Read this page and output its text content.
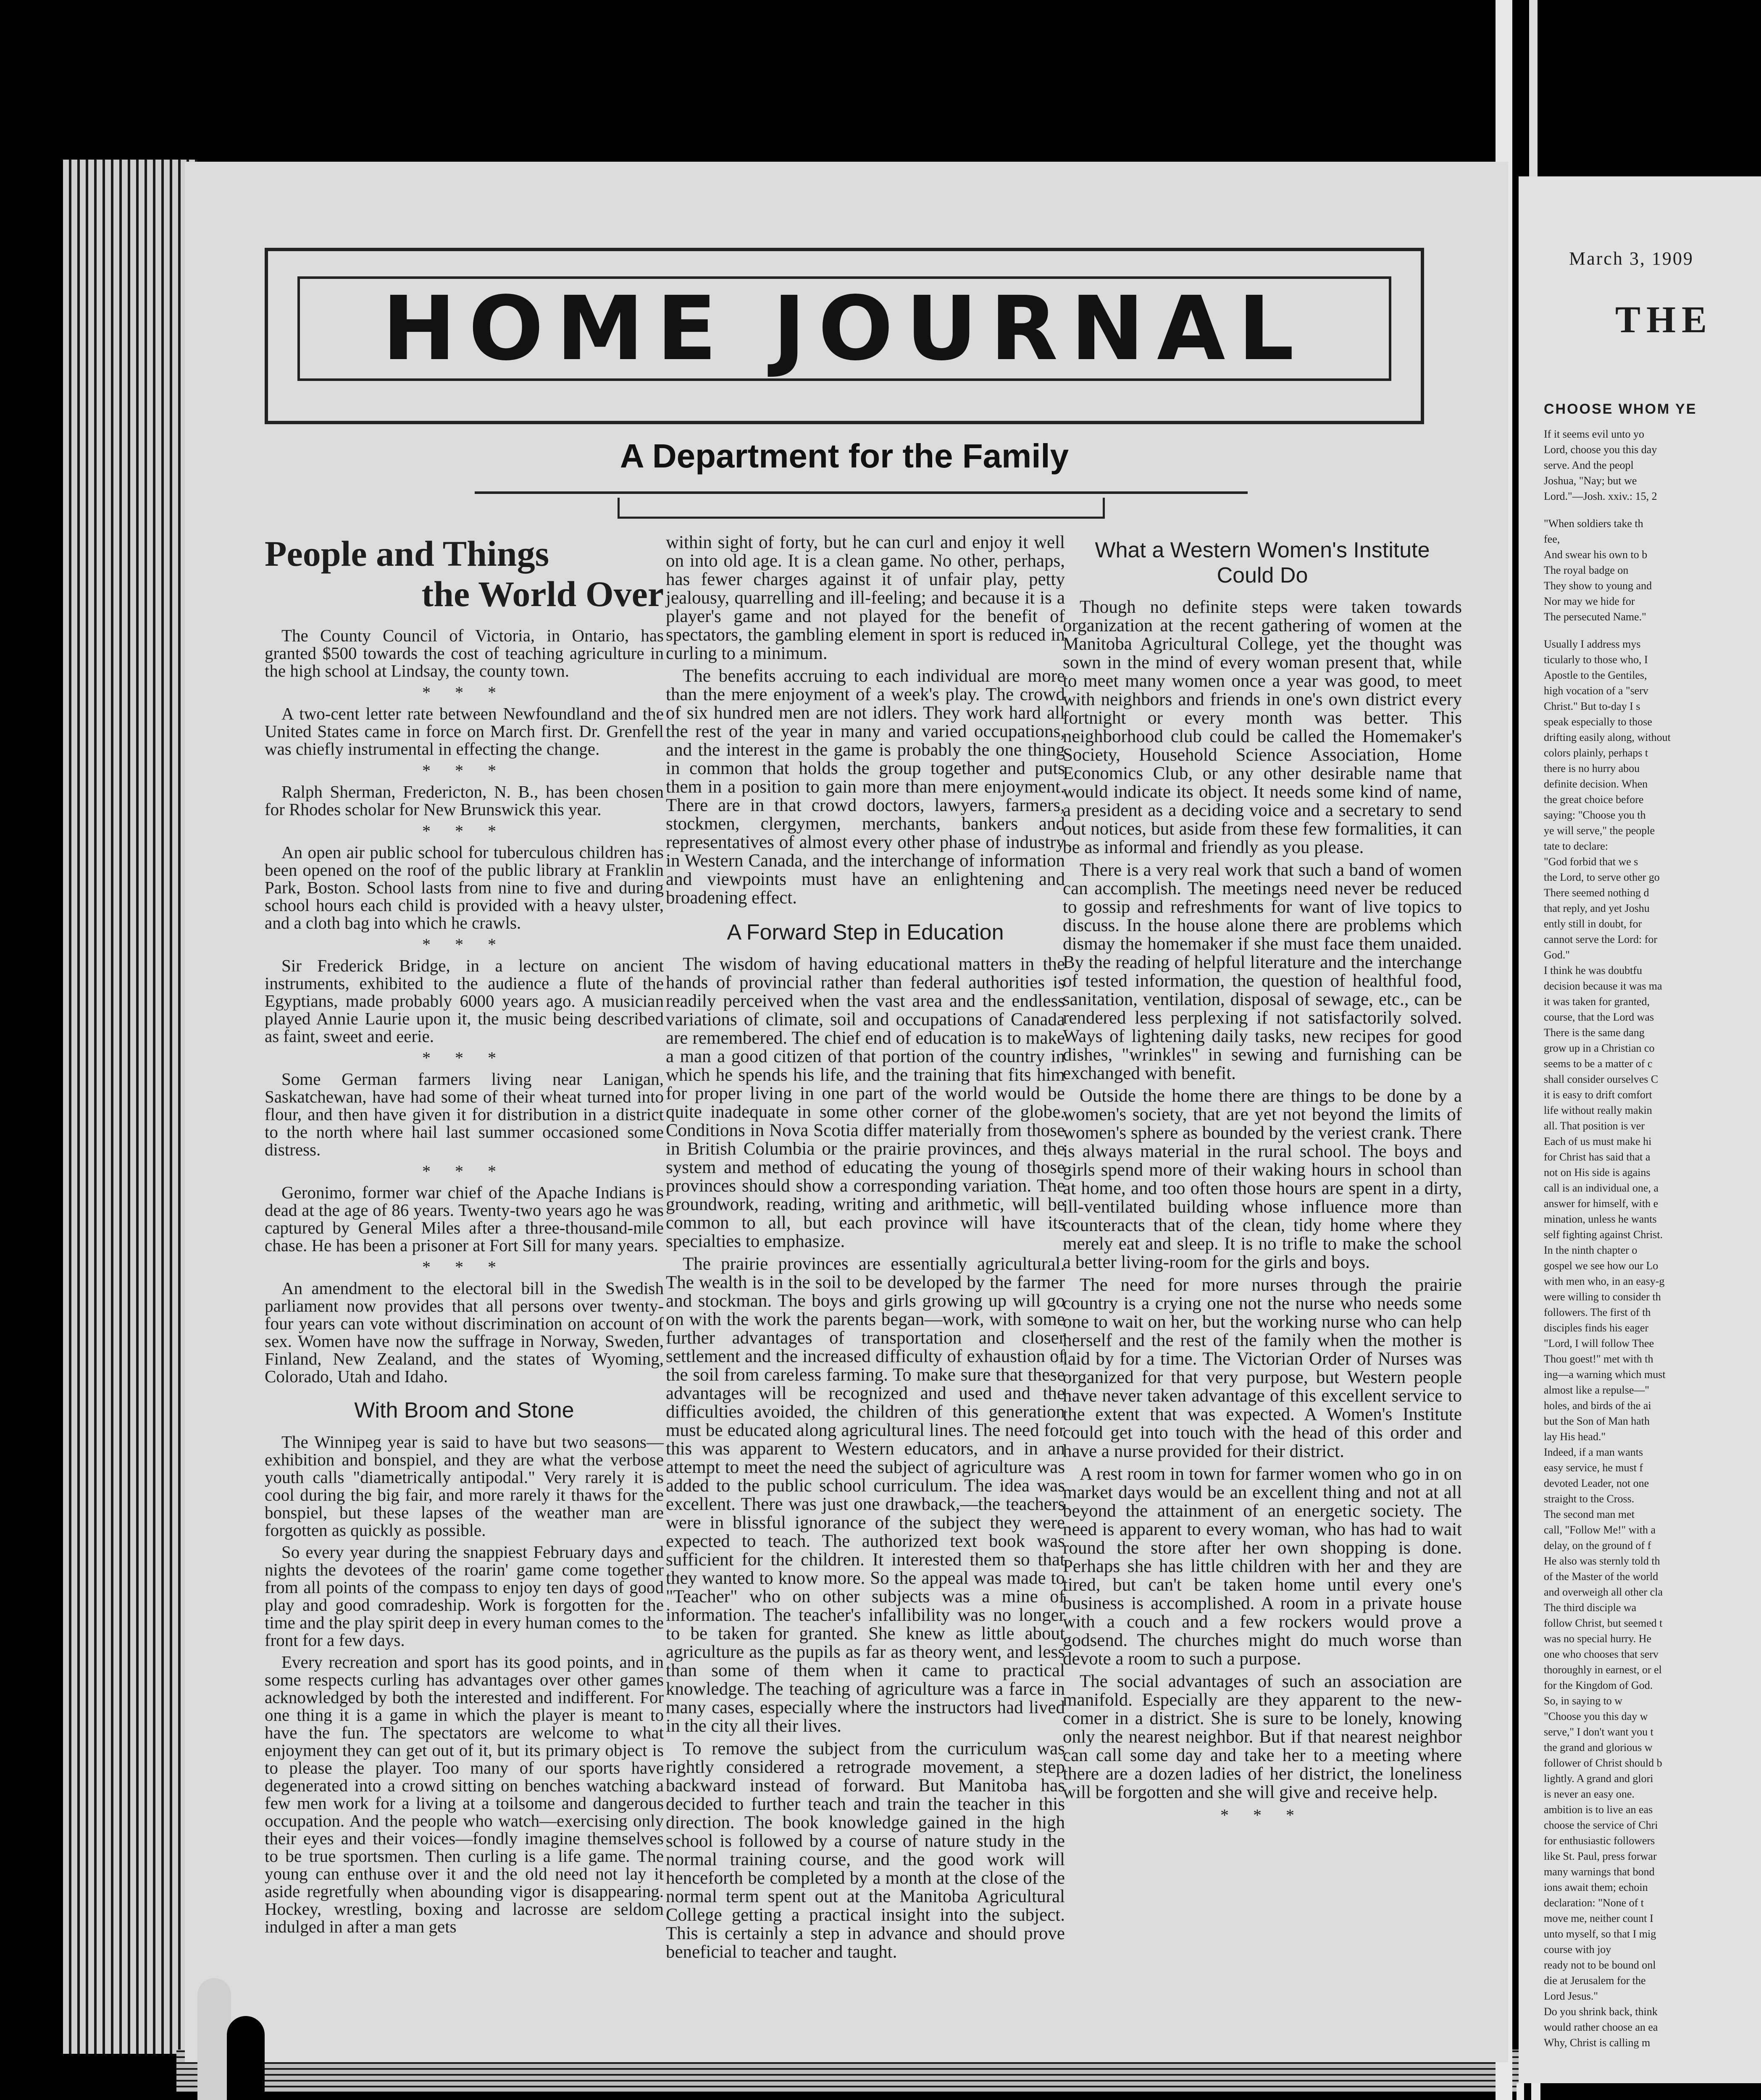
HOME JOURNAL
A Department for the Family
People and Things
the World Over

The County Council of Victoria, in Ontario, has granted $500 towards the cost of teaching agriculture in the high school at Lindsay, the county town.

* * *

A two-cent letter rate between Newfoundland and the United States came in force on March first. Dr. Grenfell was chiefly instrumental in effecting the change.

* * *

Ralph Sherman, Fredericton, N. B., has been chosen for Rhodes scholar for New Brunswick this year.

* * *

An open air public school for tuberculous children has been opened on the roof of the public library at Franklin Park, Boston. School lasts from nine to five and during school hours each child is provided with a heavy ulster, and a cloth bag into which he crawls.

* * *

Sir Frederick Bridge, in a lecture on ancient instruments, exhibited to the audience a flute of the Egyptians, made probably 6000 years ago. A musician played Annie Laurie upon it, the music being described as faint, sweet and eerie.

* * *

Some German farmers living near Lanigan, Saskatchewan, have had some of their wheat turned into flour, and then have given it for distribution in a district to the north where hail last summer occasioned some distress.

* * *

Geronimo, former war chief of the Apache Indians is dead at the age of 86 years. Twenty-two years ago he was captured by General Miles after a three-thousand-mile chase. He has been a prisoner at Fort Sill for many years.

* * *

An amendment to the electoral bill in the Swedish parliament now provides that all persons over twenty-four years can vote without discrimination on account of sex. Women have now the suffrage in Norway, Sweden, Finland, New Zealand, and the states of Wyoming, Colorado, Utah and Idaho.

With Broom and Stone

The Winnipeg year is said to have but two seasons—exhibition and bonspiel, and they are what the verbose youth calls "diametrically antipodal." Very rarely it is cool during the big fair, and more rarely it thaws for the bonspiel, but these lapses of the weather man are forgotten as quickly as possible.

So every year during the snappiest February days and nights the devotees of the roarin' game come together from all points of the compass to enjoy ten days of good play and good comradeship. Work is forgotten for the time and the play spirit deep in every human comes to the front for a few days.

Every recreation and sport has its good points, and in some respects curling has advantages over other games acknowledged by both the interested and indifferent. For one thing it is a game in which the player is meant to have the fun. The spectators are welcome to what enjoyment they can get out of it, but its primary object is to please the player. Too many of our sports have degenerated into a crowd sitting on benches watching a few men work for a living at a toilsome and dangerous occupation. And the people who watch—exercising only their eyes and their voices—fondly imagine themselves to be true sportsmen. Then curling is a life game. The young can enthuse over it and the old need not lay it aside regretfully when abounding vigor is disappearing. Hockey, wrestling, boxing and lacrosse are seldom indulged in after a man gets

within sight of forty, but he can curl and enjoy it well on into old age. It is a clean game. No other, perhaps, has fewer charges against it of unfair play, petty jealousy, quarrelling and ill-feeling; and because it is a player's game and not played for the benefit of spectators, the gambling element in sport is reduced in curling to a minimum.

The benefits accruing to each individual are more than the mere enjoyment of a week's play. The crowd of six hundred men are not idlers. They work hard all the rest of the year in many and varied occupations, and the interest in the game is probably the one thing in common that holds the group together and puts them in a position to gain more than mere enjoyment. There are in that crowd doctors, lawyers, farmers, stockmen, clergymen, merchants, bankers and representatives of almost every other phase of industry in Western Canada, and the interchange of information and viewpoints must have an enlightening and broadening effect.

A Forward Step in Education

The wisdom of having educational matters in the hands of provincial rather than federal authorities is readily perceived when the vast area and the endless variations of climate, soil and occupations of Canada are remembered. The chief end of education is to make a man a good citizen of that portion of the country in which he spends his life, and the training that fits him for proper living in one part of the world would be quite inadequate in some other corner of the globe. Conditions in Nova Scotia differ materially from those in British Columbia or the prairie provinces, and the system and method of educating the young of those provinces should show a corresponding variation. The groundwork, reading, writing and arithmetic, will be common to all, but each province will have its specialties to emphasize.

The prairie provinces are essentially agricultural. The wealth is in the soil to be developed by the farmer and stockman. The boys and girls growing up will go on with the work the parents began—work, with some further advantages of transportation and closer settlement and the increased difficulty of exhaustion of the soil from careless farming. To make sure that these advantages will be recognized and used and the difficulties avoided, the children of this generation must be educated along agricultural lines. The need for this was apparent to Western educators, and in an attempt to meet the need the subject of agriculture was added to the public school curriculum. The idea was excellent. There was just one drawback,—the teachers were in blissful ignorance of the subject they were expected to teach. The authorized text book was sufficient for the children. It interested them so that they wanted to know more. So the appeal was made to "Teacher" who on other subjects was a mine of information. The teacher's infallibility was no longer to be taken for granted. She knew as little about agriculture as the pupils as far as theory went, and less than some of them when it came to practical knowledge. The teaching of agriculture was a farce in many cases, especially where the instructors had lived in the city all their lives.

To remove the subject from the curriculum was rightly considered a retrograde movement, a step backward instead of forward. But Manitoba has decided to further teach and train the teacher in this direction. The book knowledge gained in the high school is followed by a course of nature study in the normal training course, and the good work will henceforth be completed by a month at the close of the normal term spent out at the Manitoba Agricultural College getting a practical insight into the subject. This is certainly a step in advance and should prove beneficial to teacher and taught.

What a Western Women's Institute
Could Do

Though no definite steps were taken towards organization at the recent gathering of women at the Manitoba Agricultural College, yet the thought was sown in the mind of every woman present that, while to meet many women once a year was good, to meet with neighbors and friends in one's own district every fortnight or every month was better. This neighborhood club could be called the Homemaker's Society, Household Science Association, Home Economics Club, or any other desirable name that would indicate its object. It needs some kind of name, a president as a deciding voice and a secretary to send out notices, but aside from these few formalities, it can be as informal and friendly as you please.

There is a very real work that such a band of women can accomplish. The meetings need never be reduced to gossip and refreshments for want of live topics to discuss. In the house alone there are problems which dismay the homemaker if she must face them unaided. By the reading of helpful literature and the interchange of tested information, the question of healthful food, sanitation, ventilation, disposal of sewage, etc., can be rendered less perplexing if not satisfactorily solved. Ways of lightening daily tasks, new recipes for good dishes, "wrinkles" in sewing and furnishing can be exchanged with benefit.

Outside the home there are things to be done by a women's society, that are yet not beyond the limits of women's sphere as bounded by the veriest crank. There is always material in the rural school. The boys and girls spend more of their waking hours in school than at home, and too often those hours are spent in a dirty, ill-ventilated building whose influence more than counteracts that of the clean, tidy home where they merely eat and sleep. It is no trifle to make the school a better living-room for the girls and boys.

The need for more nurses through the prairie country is a crying one not the nurse who needs some one to wait on her, but the working nurse who can help herself and the rest of the family when the mother is laid by for a time. The Victorian Order of Nurses was organized for that very purpose, but Western people have never taken advantage of this excellent service to the extent that was expected. A Women's Institute could get into touch with the head of this order and have a nurse provided for their district.

A rest room in town for farmer women who go in on market days would be an excellent thing and not at all beyond the attainment of an energetic society. The need is apparent to every woman, who has had to wait round the store after her own shopping is done. Perhaps she has little children with her and they are tired, but can't be taken home until every one's business is accomplished. A room in a private house with a couch and a few rockers would prove a godsend. The churches might do much worse than devote a room to such a purpose.

The social advantages of such an association are manifold. Especially are they apparent to the new-comer in a district. She is sure to be lonely, knowing only the nearest neighbor. But if that nearest neighbor can call some day and take her to a meeting where there are a dozen ladies of her district, the loneliness will be forgotten and she will give and receive help.

* * *

March 3, 1909
THE
CHOOSE WHOM YE

If it seems evil unto yo

Lord, choose you this day

serve. And the peopl

Joshua, "Nay; but we

Lord."—Josh. xxiv.: 15, 2

"When soldiers take th

fee,

And swear his own to b

The royal badge on

They show to young and

Nor may we hide for

The persecuted Name."

Usually I address mys

ticularly to those who, I

Apostle to the Gentiles,

high vocation of a "serv

Christ." But to-day I s

speak especially to those

drifting easily along, without

colors plainly, perhaps t

there is no hurry abou

definite decision. When

the great choice before

saying: "Choose you th

ye will serve," the people

tate to declare:

"God forbid that we s

the Lord, to serve other go

There seemed nothing d

that reply, and yet Joshu

ently still in doubt, for

cannot serve the Lord: for

God."

I think he was doubtfu

decision because it was ma

it was taken for granted,

course, that the Lord was

There is the same dang

grow up in a Christian co

seems to be a matter of c

shall consider ourselves C

it is easy to drift comfort

life without really makin

all. That position is ver

Each of us must make hi

for Christ has said that a

not on His side is agains

call is an individual one, a

answer for himself, with e

mination, unless he wants

self fighting against Christ.

In the ninth chapter o

gospel we see how our Lo

with men who, in an easy-g

were willing to consider th

followers. The first of th

disciples finds his eager

"Lord, I will follow Thee

Thou goest!" met with th

ing—a warning which must

almost like a repulse—"

holes, and birds of the ai

but the Son of Man hath

lay His head."

Indeed, if a man wants

easy service, he must f

devoted Leader, not one

straight to the Cross.

The second man met

call, "Follow Me!" with a

delay, on the ground of f

He also was sternly told th

of the Master of the world

and overweigh all other cla

The third disciple wa

follow Christ, but seemed t

was no special hurry. He

one who chooses that serv

thoroughly in earnest, or el

for the Kingdom of God.

So, in saying to w

"Choose you this day w

serve," I don't want you t

the grand and glorious w

follower of Christ should b

lightly. A grand and glori

is never an easy one.

ambition is to live an eas

choose the service of Chri

for enthusiastic followers

like St. Paul, press forwar

many warnings that bond

ions await them; echoin

declaration: "None of t

move me, neither count I

unto myself, so that I mig

course with joy

ready not to be bound onl

die at Jerusalem for the

Lord Jesus."

Do you shrink back, think

would rather choose an ea

Why, Christ is calling m
